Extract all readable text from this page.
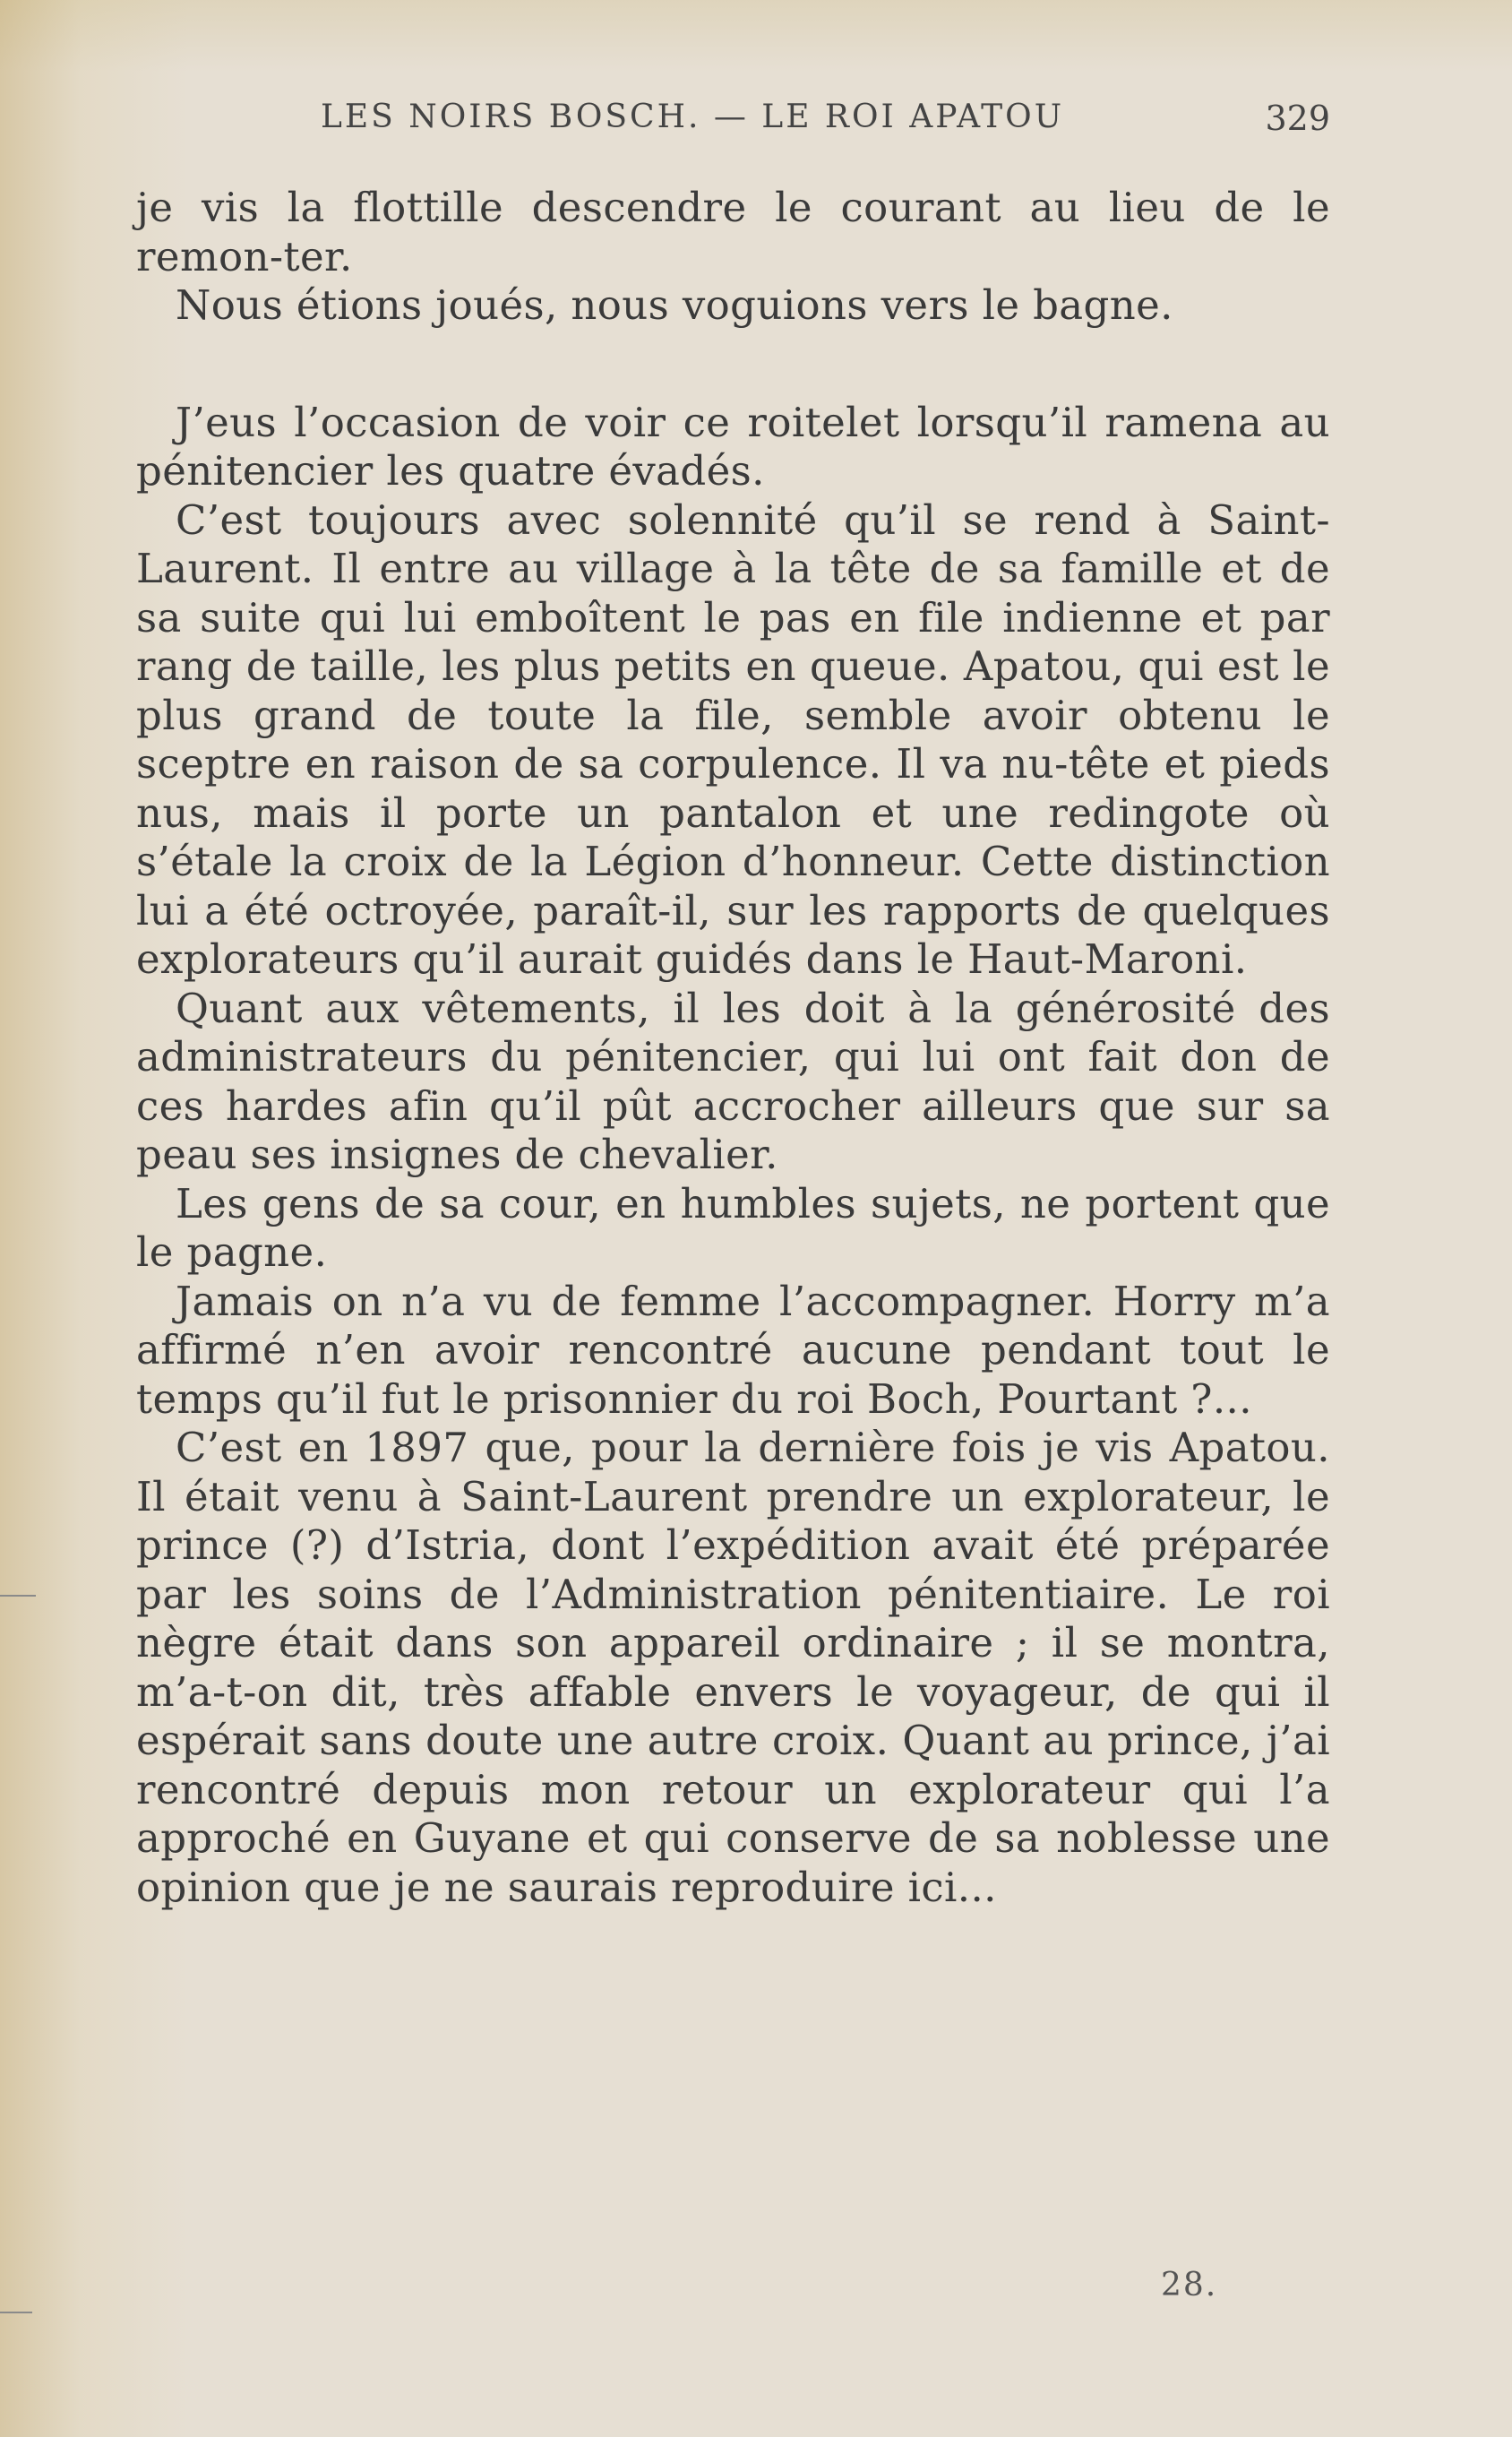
LES NOIRS BOSCH. — LE ROI APATOU	329

je vis la flottille descendre le courant au lieu de le remon-ter.

Nous étions joués, nous voguions vers le bagne.

J’eus l’occasion de voir ce roitelet lorsqu’il ramena au pénitencier les quatre évadés.

C’est toujours avec solennité qu’il se rend à Saint-Laurent. Il entre au village à la tête de sa famille et de sa suite qui lui emboîtent le pas en file indienne et par rang de taille, les plus petits en queue. Apatou, qui est le plus grand de toute la file, semble avoir obtenu le sceptre en raison de sa corpulence. Il va nu-tête et pieds nus, mais il porte un pantalon et une redingote où s’étale la croix de la Légion d’honneur. Cette distinction lui a été octroyée, paraît-il, sur les rapports de quelques explorateurs qu’il aurait guidés dans le Haut-Maroni.

Quant aux vêtements, il les doit à la générosité des administrateurs du pénitencier, qui lui ont fait don de ces hardes afin qu’il pût accrocher ailleurs que sur sa peau ses insignes de chevalier.

Les gens de sa cour, en humbles sujets, ne portent que le pagne.

Jamais on n’a vu de femme l’accompagner. Horry m’a affirmé n’en avoir rencontré aucune pendant tout le temps qu’il fut le prisonnier du roi Boch, Pourtant ?...

C’est en 1897 que, pour la dernière fois je vis Apatou. Il était venu à Saint-Laurent prendre un explorateur, le prince (?) d’Istria, dont l’expédition avait été préparée par les soins de l’Administration pénitentiaire. Le roi nègre était dans son appareil ordinaire ; il se montra, m’a-t-on dit, très affable envers le voyageur, de qui il espérait sans doute une autre croix. Quant au prince, j’ai rencontré depuis mon retour un explorateur qui l’a approché en Guyane et qui conserve de sa noblesse une opinion que je ne saurais reproduire ici...

28.
